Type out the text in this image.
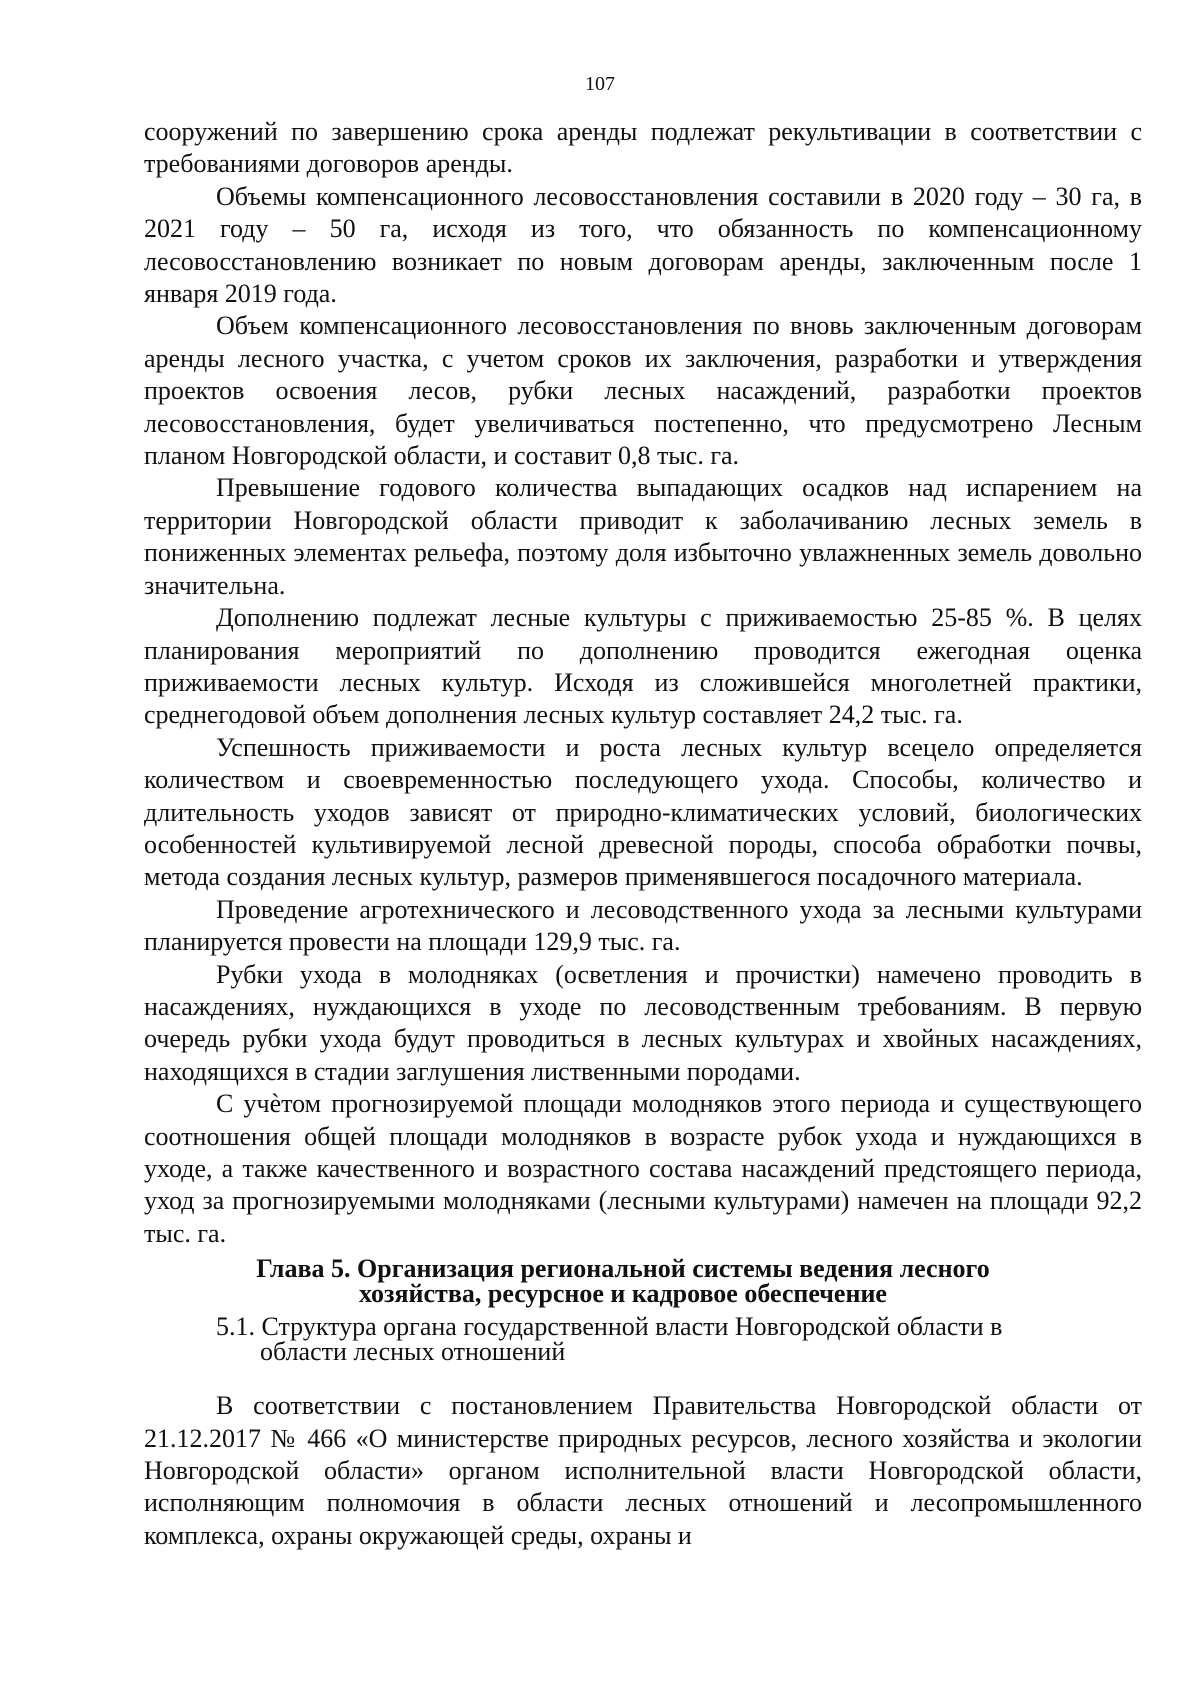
107

сооружений по завершению срока аренды подлежат рекультивации в соответствии с требованиями договоров аренды.

Объемы компенсационного лесовосстановления составили в 2020 году – 30 га, в 2021 году – 50 га, исходя из того, что обязанность по компенсационному лесовосстановлению возникает по новым договорам аренды, заключенным после 1 января 2019 года.

Объем компенсационного лесовосстановления по вновь заключенным договорам аренды лесного участка, с учетом сроков их заключения, разработки и утверждения проектов освоения лесов, рубки лесных насаждений, разработки проектов лесовосстановления, будет увеличиваться постепенно, что предусмотрено Лесным планом Новгородской области, и составит 0,8 тыс. га.

Превышение годового количества выпадающих осадков над испарением на территории Новгородской области приводит к заболачиванию лесных земель в пониженных элементах рельефа, поэтому доля избыточно увлажненных земель довольно значительна.

Дополнению подлежат лесные культуры с приживаемостью 25-85 %. В целях планирования мероприятий по дополнению проводится ежегодная оценка приживаемости лесных культур. Исходя из сложившейся многолетней практики, среднегодовой объем дополнения лесных культур составляет 24,2 тыс. га.

Успешность приживаемости и роста лесных культур всецело определяется количеством и своевременностью последующего ухода. Способы, количество и длительность уходов зависят от природно-климатических условий, биологических особенностей культивируемой лесной древесной породы, способа обработки почвы, метода создания лесных культур, размеров применявшегося посадочного материала.

Проведение агротехнического и лесоводственного ухода за лесными культурами планируется провести на площади 129,9 тыс. га.

Рубки ухода в молодняках (осветления и прочистки) намечено проводить в насаждениях, нуждающихся в уходе по лесоводственным требованиям. В первую очередь рубки ухода будут проводиться в лесных культурах и хвойных насаждениях, находящихся в стадии заглушения лиственными породами.

С учѐтом прогнозируемой площади молодняков этого периода и существующего соотношения общей площади молодняков в возрасте рубок ухода и нуждающихся в уходе, а также качественного и возрастного состава насаждений предстоящего периода, уход за прогнозируемыми молодняками (лесными культурами) намечен на площади 92,2 тыс. га.

Глава 5. Организация региональной системы ведения лесного
хозяйства, ресурсное и кадровое обеспечение
5.1. Структура органа государственной власти Новгородской области в
области лесных отношений

В соответствии с постановлением Правительства Новгородской области от 21.12.2017 № 466 «О министерстве природных ресурсов, лесного хозяйства и экологии Новгородской области» органом исполнительной власти Новгородской области, исполняющим полномочия в области лесных отношений и лесопромышленного комплекса, охраны окружающей среды, охраны и
